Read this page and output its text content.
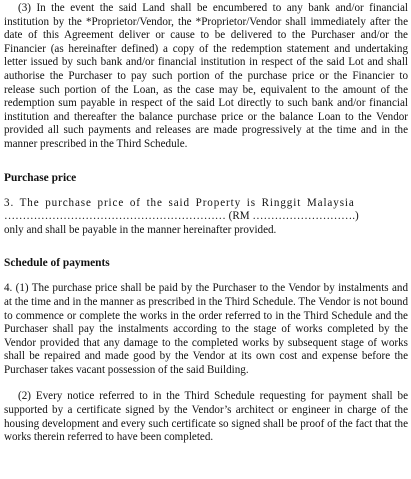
(3) In the event the said Land shall be encumbered to any bank and/or financial institution by the *Proprietor/Vendor, the *Proprietor/Vendor shall immediately after the date of this Agreement deliver or cause to be delivered to the Purchaser and/or the Financier (as hereinafter defined) a copy of the redemption statement and undertaking letter issued by such bank and/or financial institution in respect of the said Lot and shall authorise the Purchaser to pay such portion of the purchase price or the Financier to release such portion of the Loan, as the case may be, equivalent to the amount of the redemption sum payable in respect of the said Lot directly to such bank and/or financial institution and thereafter the balance purchase price or the balance Loan to the Vendor provided all such payments and releases are made progressively at the time and in the manner prescribed in the Third Schedule.

Purchase price

3. The purchase price of the said Property is Ringgit Malaysia

…………………………………………………… (RM ……………………….)

only and shall be payable in the manner hereinafter provided.

Schedule of payments

4. (1) The purchase price shall be paid by the Purchaser to the Vendor by instalments and at the time and in the manner as prescribed in the Third Schedule. The Vendor is not bound to commence or complete the works in the order referred to in the Third Schedule and the Purchaser shall pay the instalments according to the stage of works completed by the Vendor provided that any damage to the completed works by subsequent stage of works shall be repaired and made good by the Vendor at its own cost and expense before the Purchaser takes vacant possession of the said Building.

(2) Every notice referred to in the Third Schedule requesting for payment shall be supported by a certificate signed by the Vendor’s architect or engineer in charge of the housing development and every such certificate so signed shall be proof of the fact that the works therein referred to have been completed.
